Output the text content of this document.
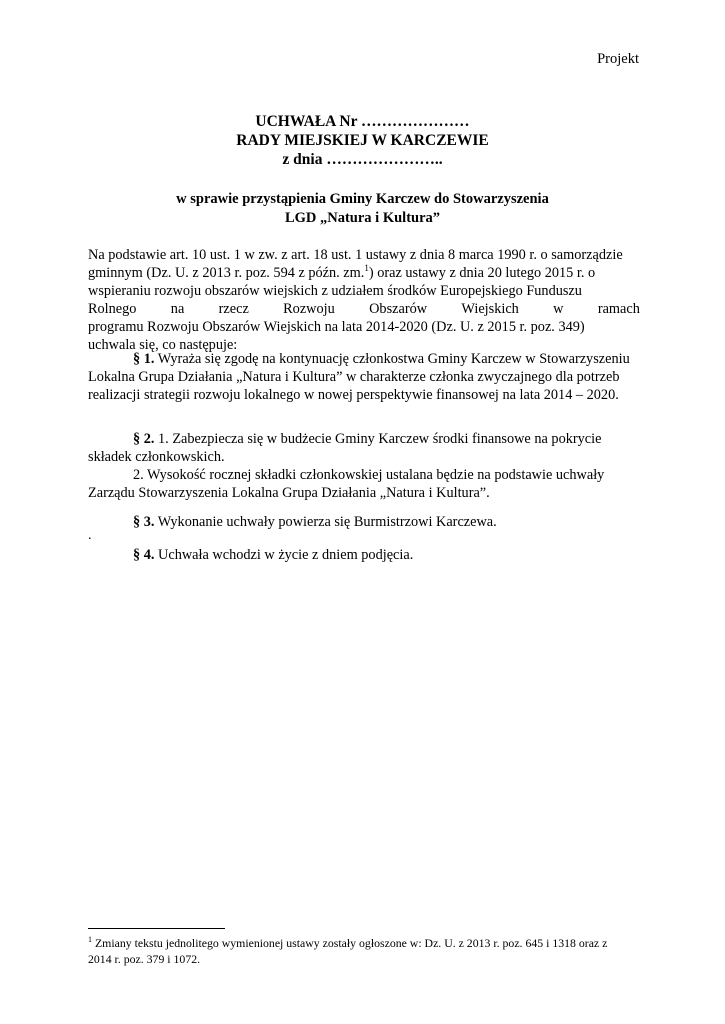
Projekt
UCHWAŁA Nr …………………
RADY MIEJSKIEJ W KARCZEWIE
z dnia …………………..
w sprawie przystąpienia Gminy Karczew do Stowarzyszenia
LGD „Natura i Kultura”
Na podstawie art. 10 ust. 1 w zw. z art. 18 ust. 1 ustawy z dnia 8 marca 1990 r. o samorządzie
gminnym (Dz. U. z 2013 r. poz. 594 z późn. zm.$^1$) oraz ustawy z dnia 20 lutego 2015 r. o
wspieraniu rozwoju obszarów wiejskich z udziałem środków Europejskiego Funduszu
Rolnego na rzecz Rozwoju Obszarów Wiejskich w ramach
programu Rozwoju Obszarów Wiejskich na lata 2014-2020 (Dz. U. z 2015 r. poz. 349)
uchwala się, co następuje:
§ 1. Wyraża się zgodę na kontynuację członkostwa Gminy Karczew w Stowarzyszeniu
Lokalna Grupa Działania „Natura i Kultura” w charakterze członka zwyczajnego dla potrzeb
realizacji strategii rozwoju lokalnego w nowej perspektywie finansowej na lata 2014 – 2020.
§ 2. 1. Zabezpiecza się w budżecie Gminy Karczew środki finansowe na pokrycie
składek członkowskich.
2. Wysokość rocznej składki członkowskiej ustalana będzie na podstawie uchwały
Zarządu Stowarzyszenia Lokalna Grupa Działania „Natura i Kultura”.
§ 3. Wykonanie uchwały powierza się Burmistrzowi Karczewa.
.
§ 4. Uchwała wchodzi w życie z dniem podjęcia.
$^1$ Zmiany tekstu jednolitego wymienionej ustawy zostały ogłoszone w: Dz. U. z 2013 r. poz. 645 i 1318 oraz z
2014 r. poz. 379 i 1072.
